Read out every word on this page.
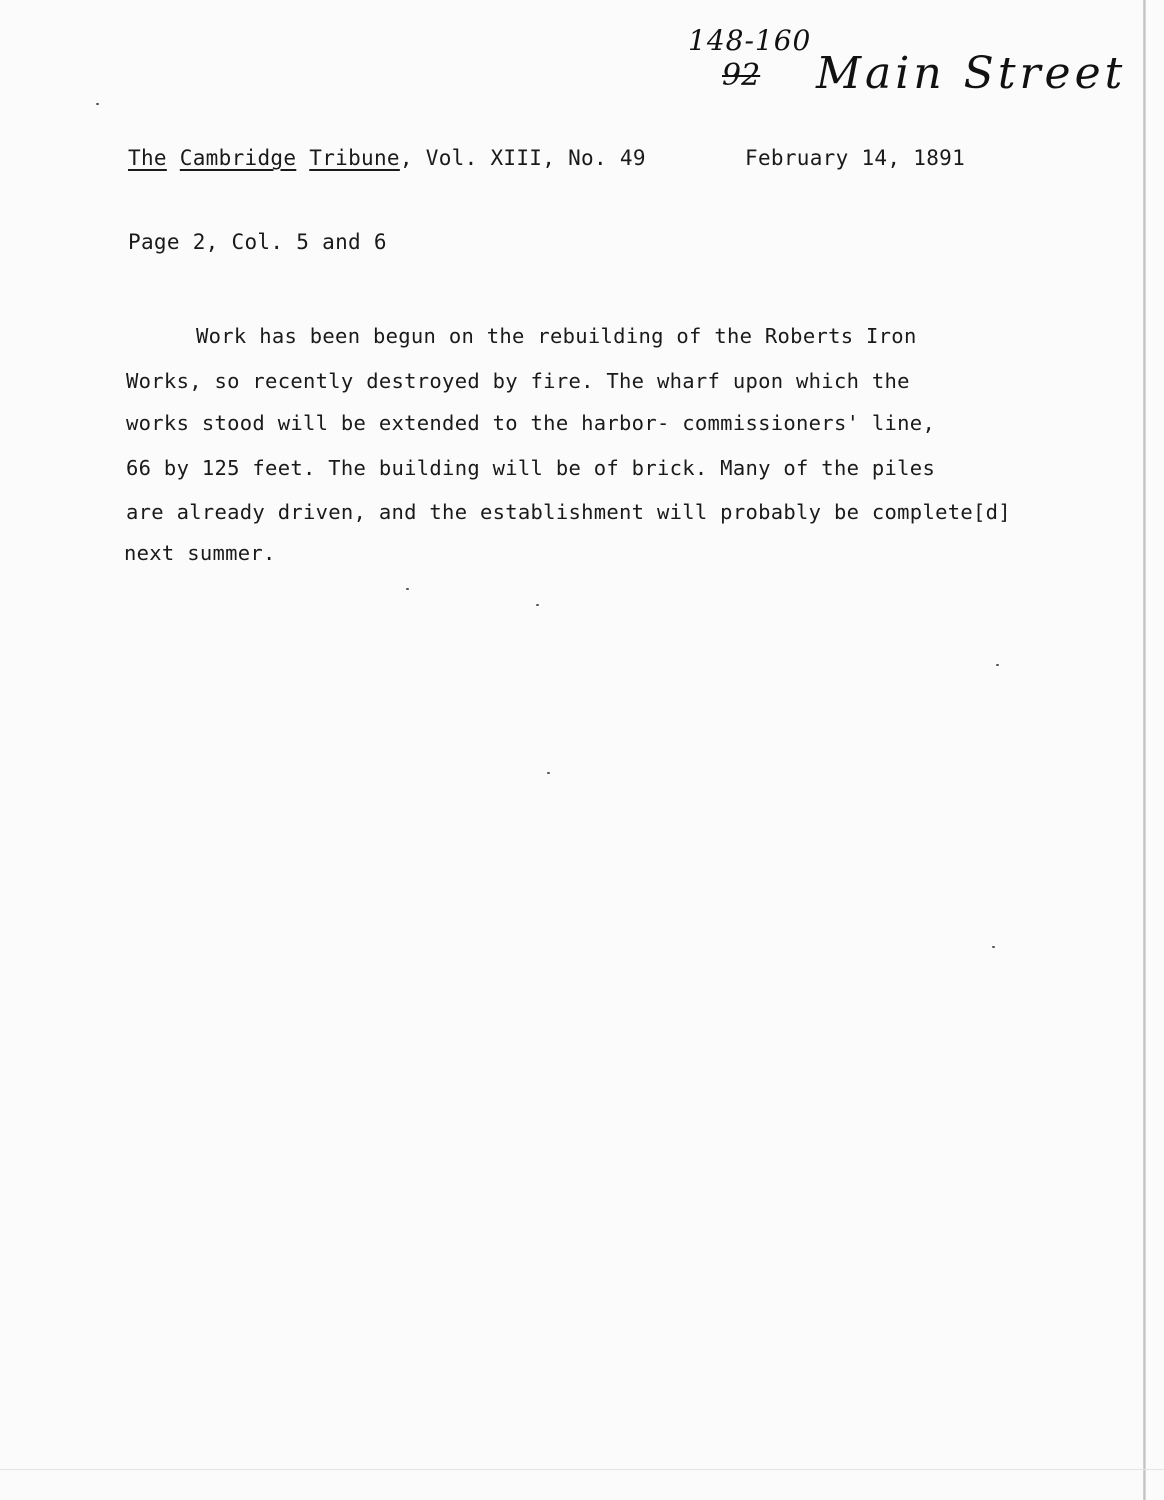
148-160
92 Main Street
The Cambridge Tribune, Vol. XIII, No. 49	February 14, 1891
Page 2, Col. 5 and 6
Work has been begun on the rebuilding of the Roberts Iron
Works, so recently destroyed by fire. The wharf upon which the
works stood will be extended to the harbor- commissioners' line,
66 by 125 feet. The building will be of brick. Many of the piles
are already driven, and the establishment will probably be complete[d]
next summer.
